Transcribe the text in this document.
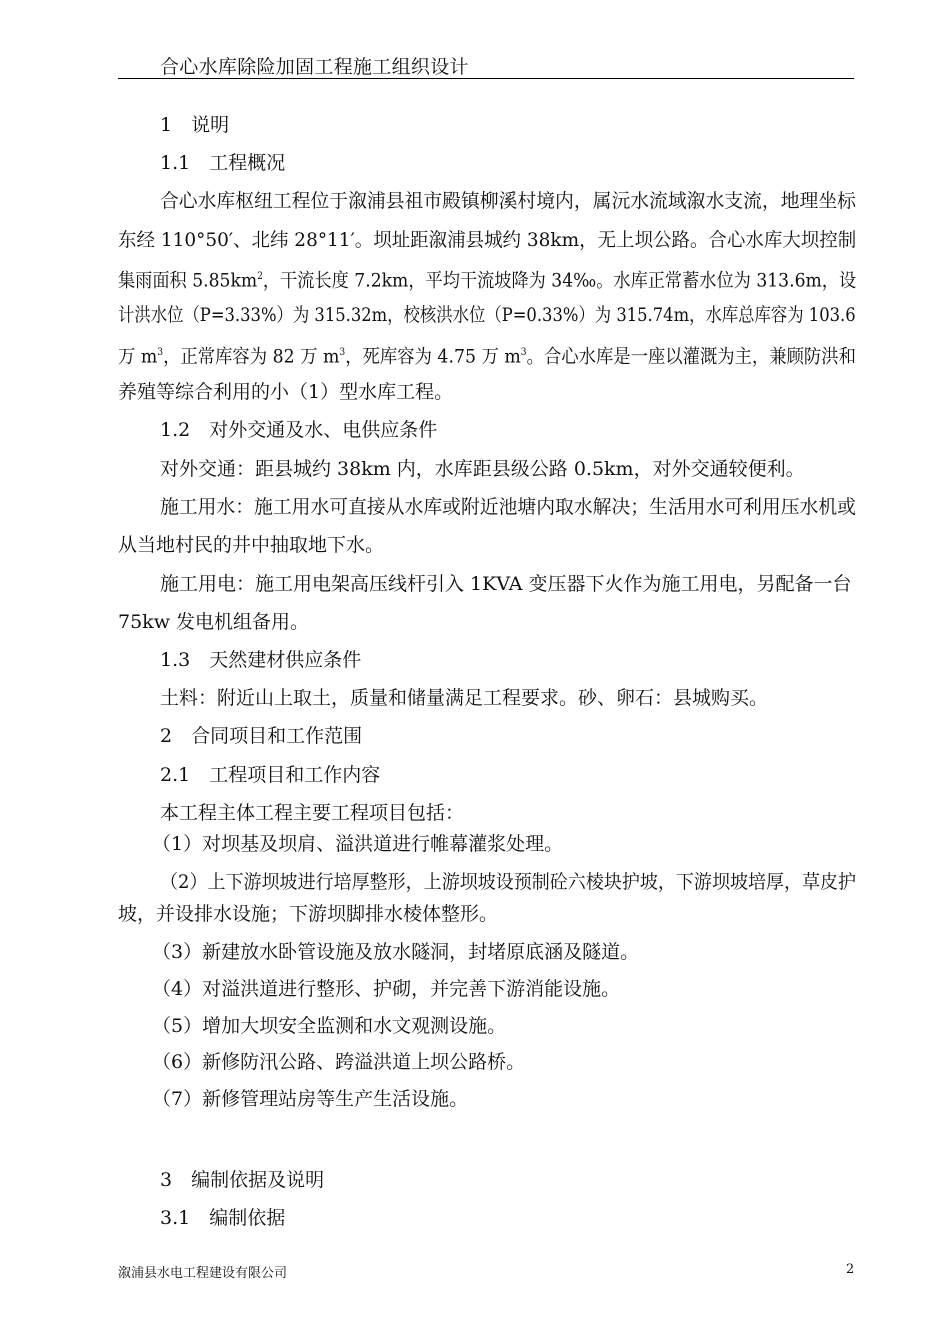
合心水库除险加固工程施工组织设计
1　说明
1.1　工程概况
合心水库枢纽工程位于溆浦县祖市殿镇柳溪村境内，属沅水流域溆水支流，地理坐标
东经 110°50′、北纬 28°11′。坝址距溆浦县城约 38km，无上坝公路。合心水库大坝控制
集雨面积 $5.85km^2$，干流长度 7.2km，平均干流坡降为 34‰。水库正常蓄水位为 313.6m，设
计洪水位（P=3.33%）为 315.32m，校核洪水位（P=0.33%）为 315.74m，水库总库容为 103.6
万 $m^3$，正常库容为 82 万 $m^3$，死库容为 4.75 万 $m^3$。合心水库是一座以灌溉为主，兼顾防洪和
养殖等综合利用的小（1）型水库工程。
1.2　对外交通及水、电供应条件
对外交通：距县城约 38km 内，水库距县级公路 0.5km，对外交通较便利。
施工用水：施工用水可直接从水库或附近池塘内取水解决；生活用水可利用压水机或
从当地村民的井中抽取地下水。
施工用电：施工用电架高压线杆引入 1KVA 变压器下火作为施工用电，另配备一台
75kw 发电机组备用。
1.3　天然建材供应条件
土料：附近山上取土，质量和储量满足工程要求。砂、卵石：县城购买。
2　合同项目和工作范围
2.1　工程项目和工作内容
本工程主体工程主要工程项目包括：
（1）对坝基及坝肩、溢洪道进行帷幕灌浆处理。
（2）上下游坝坡进行培厚整形，上游坝坡设预制砼六棱块护坡，下游坝坡培厚，草皮护
坡，并设排水设施；下游坝脚排水棱体整形。
（3）新建放水卧管设施及放水隧洞，封堵原底涵及隧道。
（4）对溢洪道进行整形、护砌，并完善下游消能设施。
（5）增加大坝安全监测和水文观测设施。
（6）新修防汛公路、跨溢洪道上坝公路桥。
（7）新修管理站房等生产生活设施。
3　编制依据及说明
3.1　编制依据
溆浦县水电工程建设有限公司	2
